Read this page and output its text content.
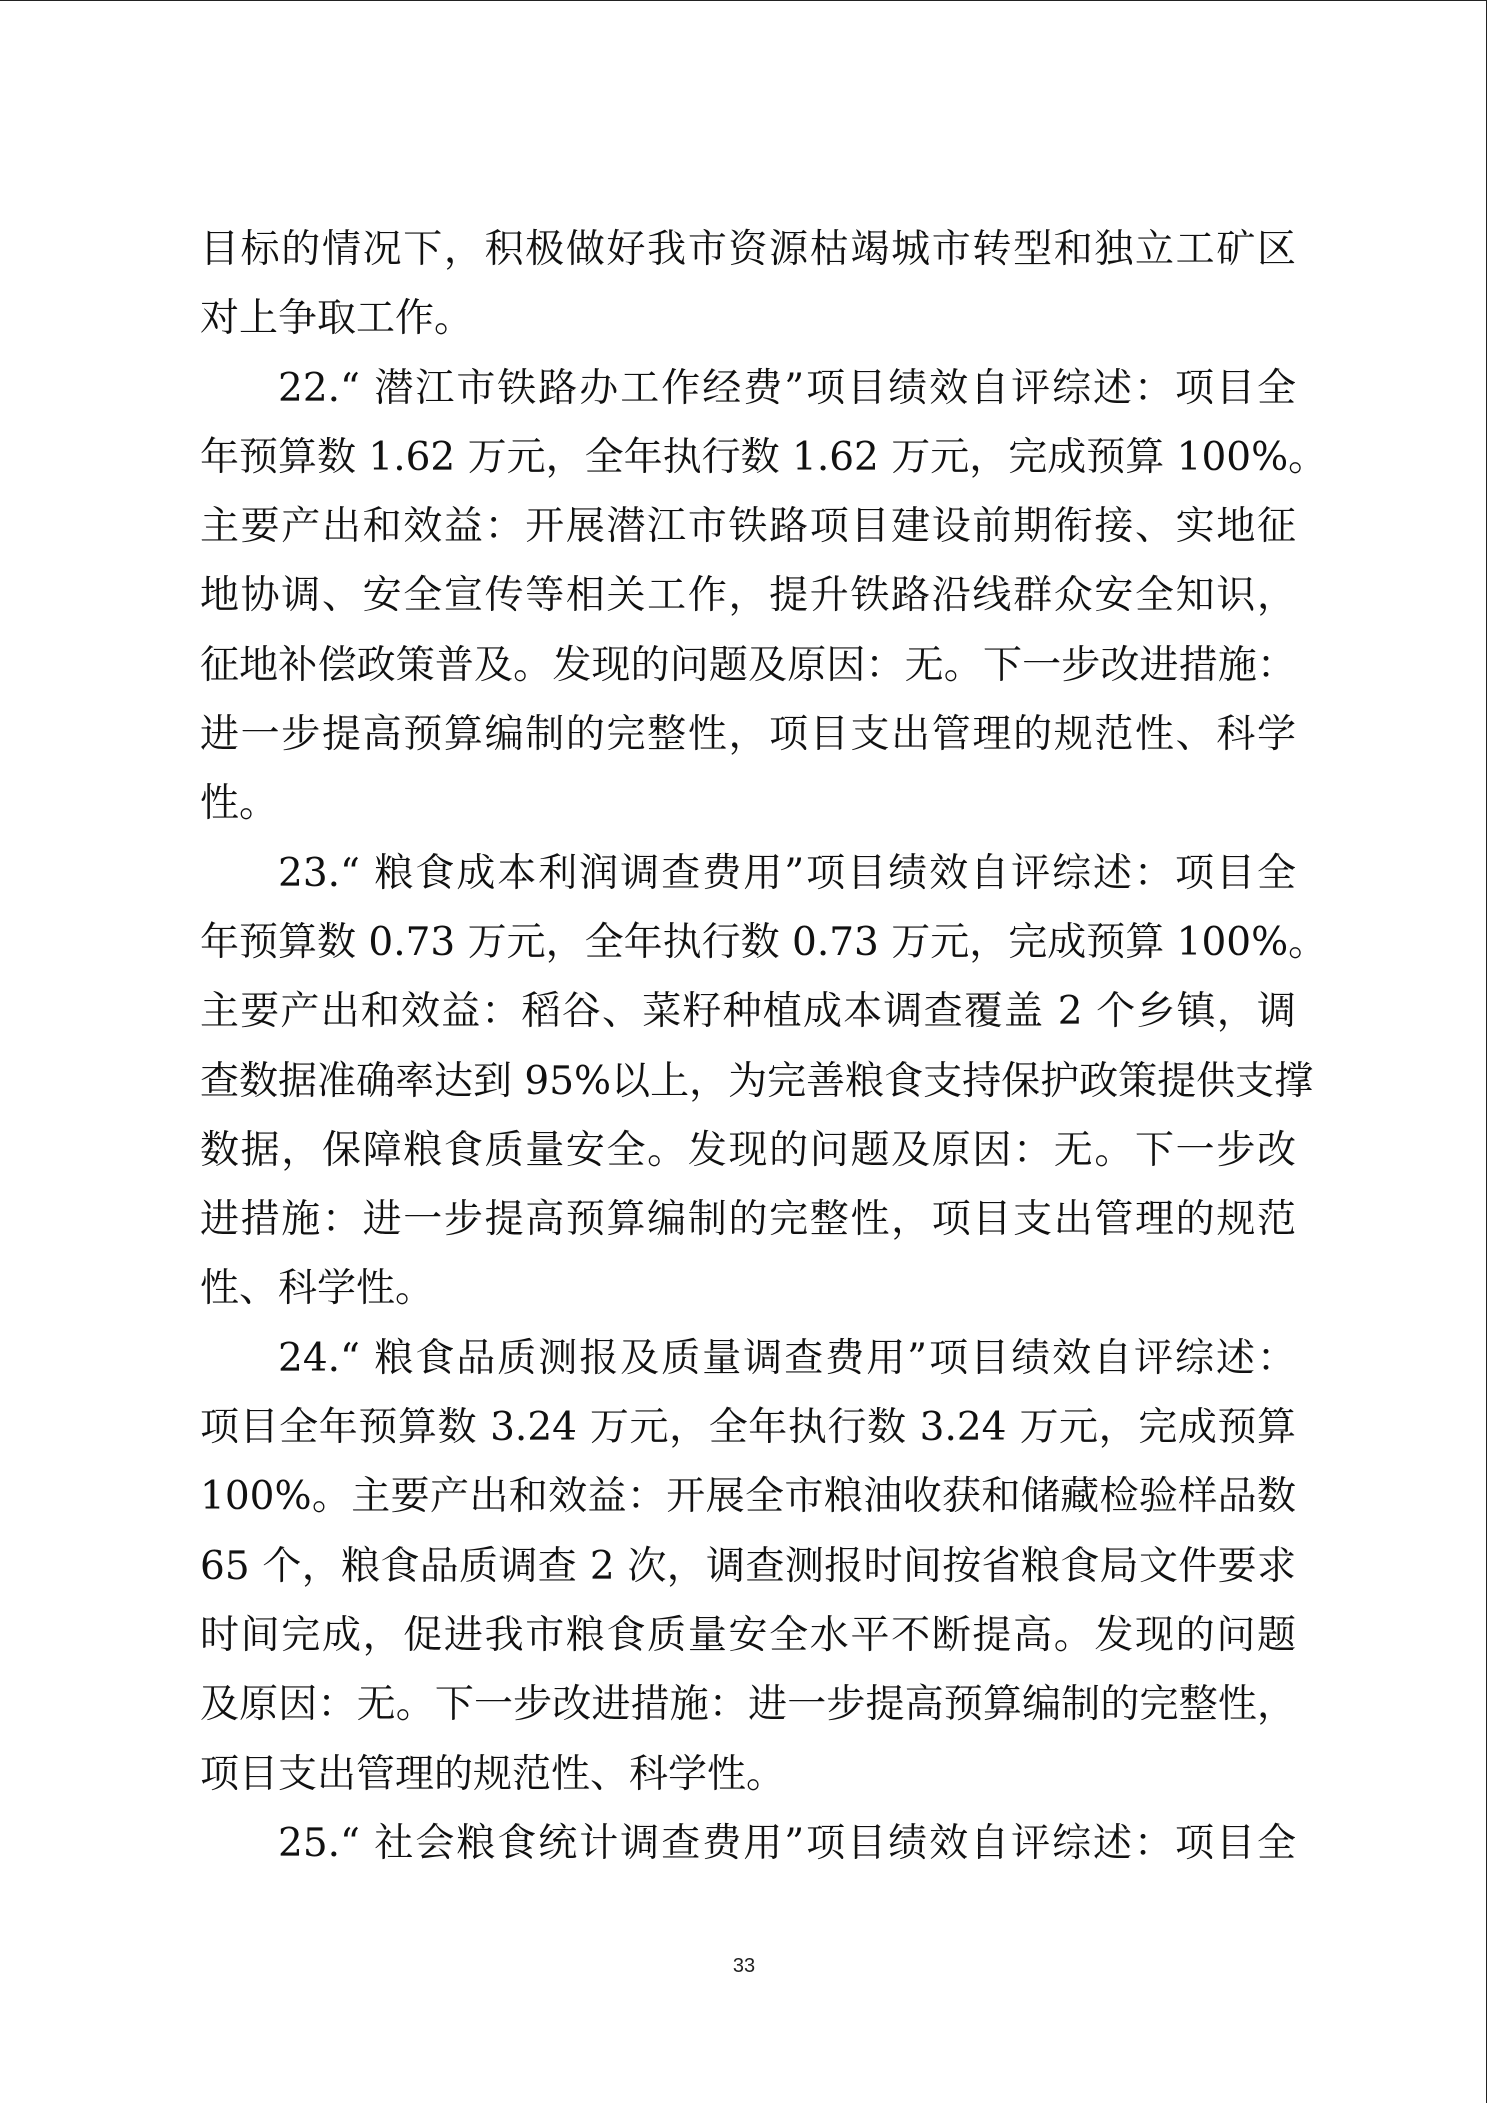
目标的情况下，积极做好我市资源枯竭城市转型和独立工矿区
对上争取工作。
22.“ 潜江市铁路办工作经费”项目绩效自评综述：项目全
年预算数 1.62 万元，全年执行数 1.62 万元，完成预算 100%。
主要产出和效益：开展潜江市铁路项目建设前期衔接、实地征
地协调、安全宣传等相关工作，提升铁路沿线群众安全知识，
征地补偿政策普及。发现的问题及原因：无。下一步改进措施：
进一步提高预算编制的完整性，项目支出管理的规范性、科学
性。
23.“ 粮食成本利润调查费用”项目绩效自评综述：项目全
年预算数 0.73 万元，全年执行数 0.73 万元，完成预算 100%。
主要产出和效益：稻谷、菜籽种植成本调查覆盖 2 个乡镇，调
查数据准确率达到 95%以上，为完善粮食支持保护政策提供支撑
数据，保障粮食质量安全。发现的问题及原因：无。下一步改
进措施：进一步提高预算编制的完整性，项目支出管理的规范
性、科学性。
24.“ 粮食品质测报及质量调查费用”项目绩效自评综述：
项目全年预算数 3.24 万元，全年执行数 3.24 万元，完成预算
100%。主要产出和效益：开展全市粮油收获和储藏检验样品数
65 个，粮食品质调查 2 次，调查测报时间按省粮食局文件要求
时间完成，促进我市粮食质量安全水平不断提高。发现的问题
及原因：无。下一步改进措施：进一步提高预算编制的完整性，
项目支出管理的规范性、科学性。
25.“ 社会粮食统计调查费用”项目绩效自评综述：项目全
33
